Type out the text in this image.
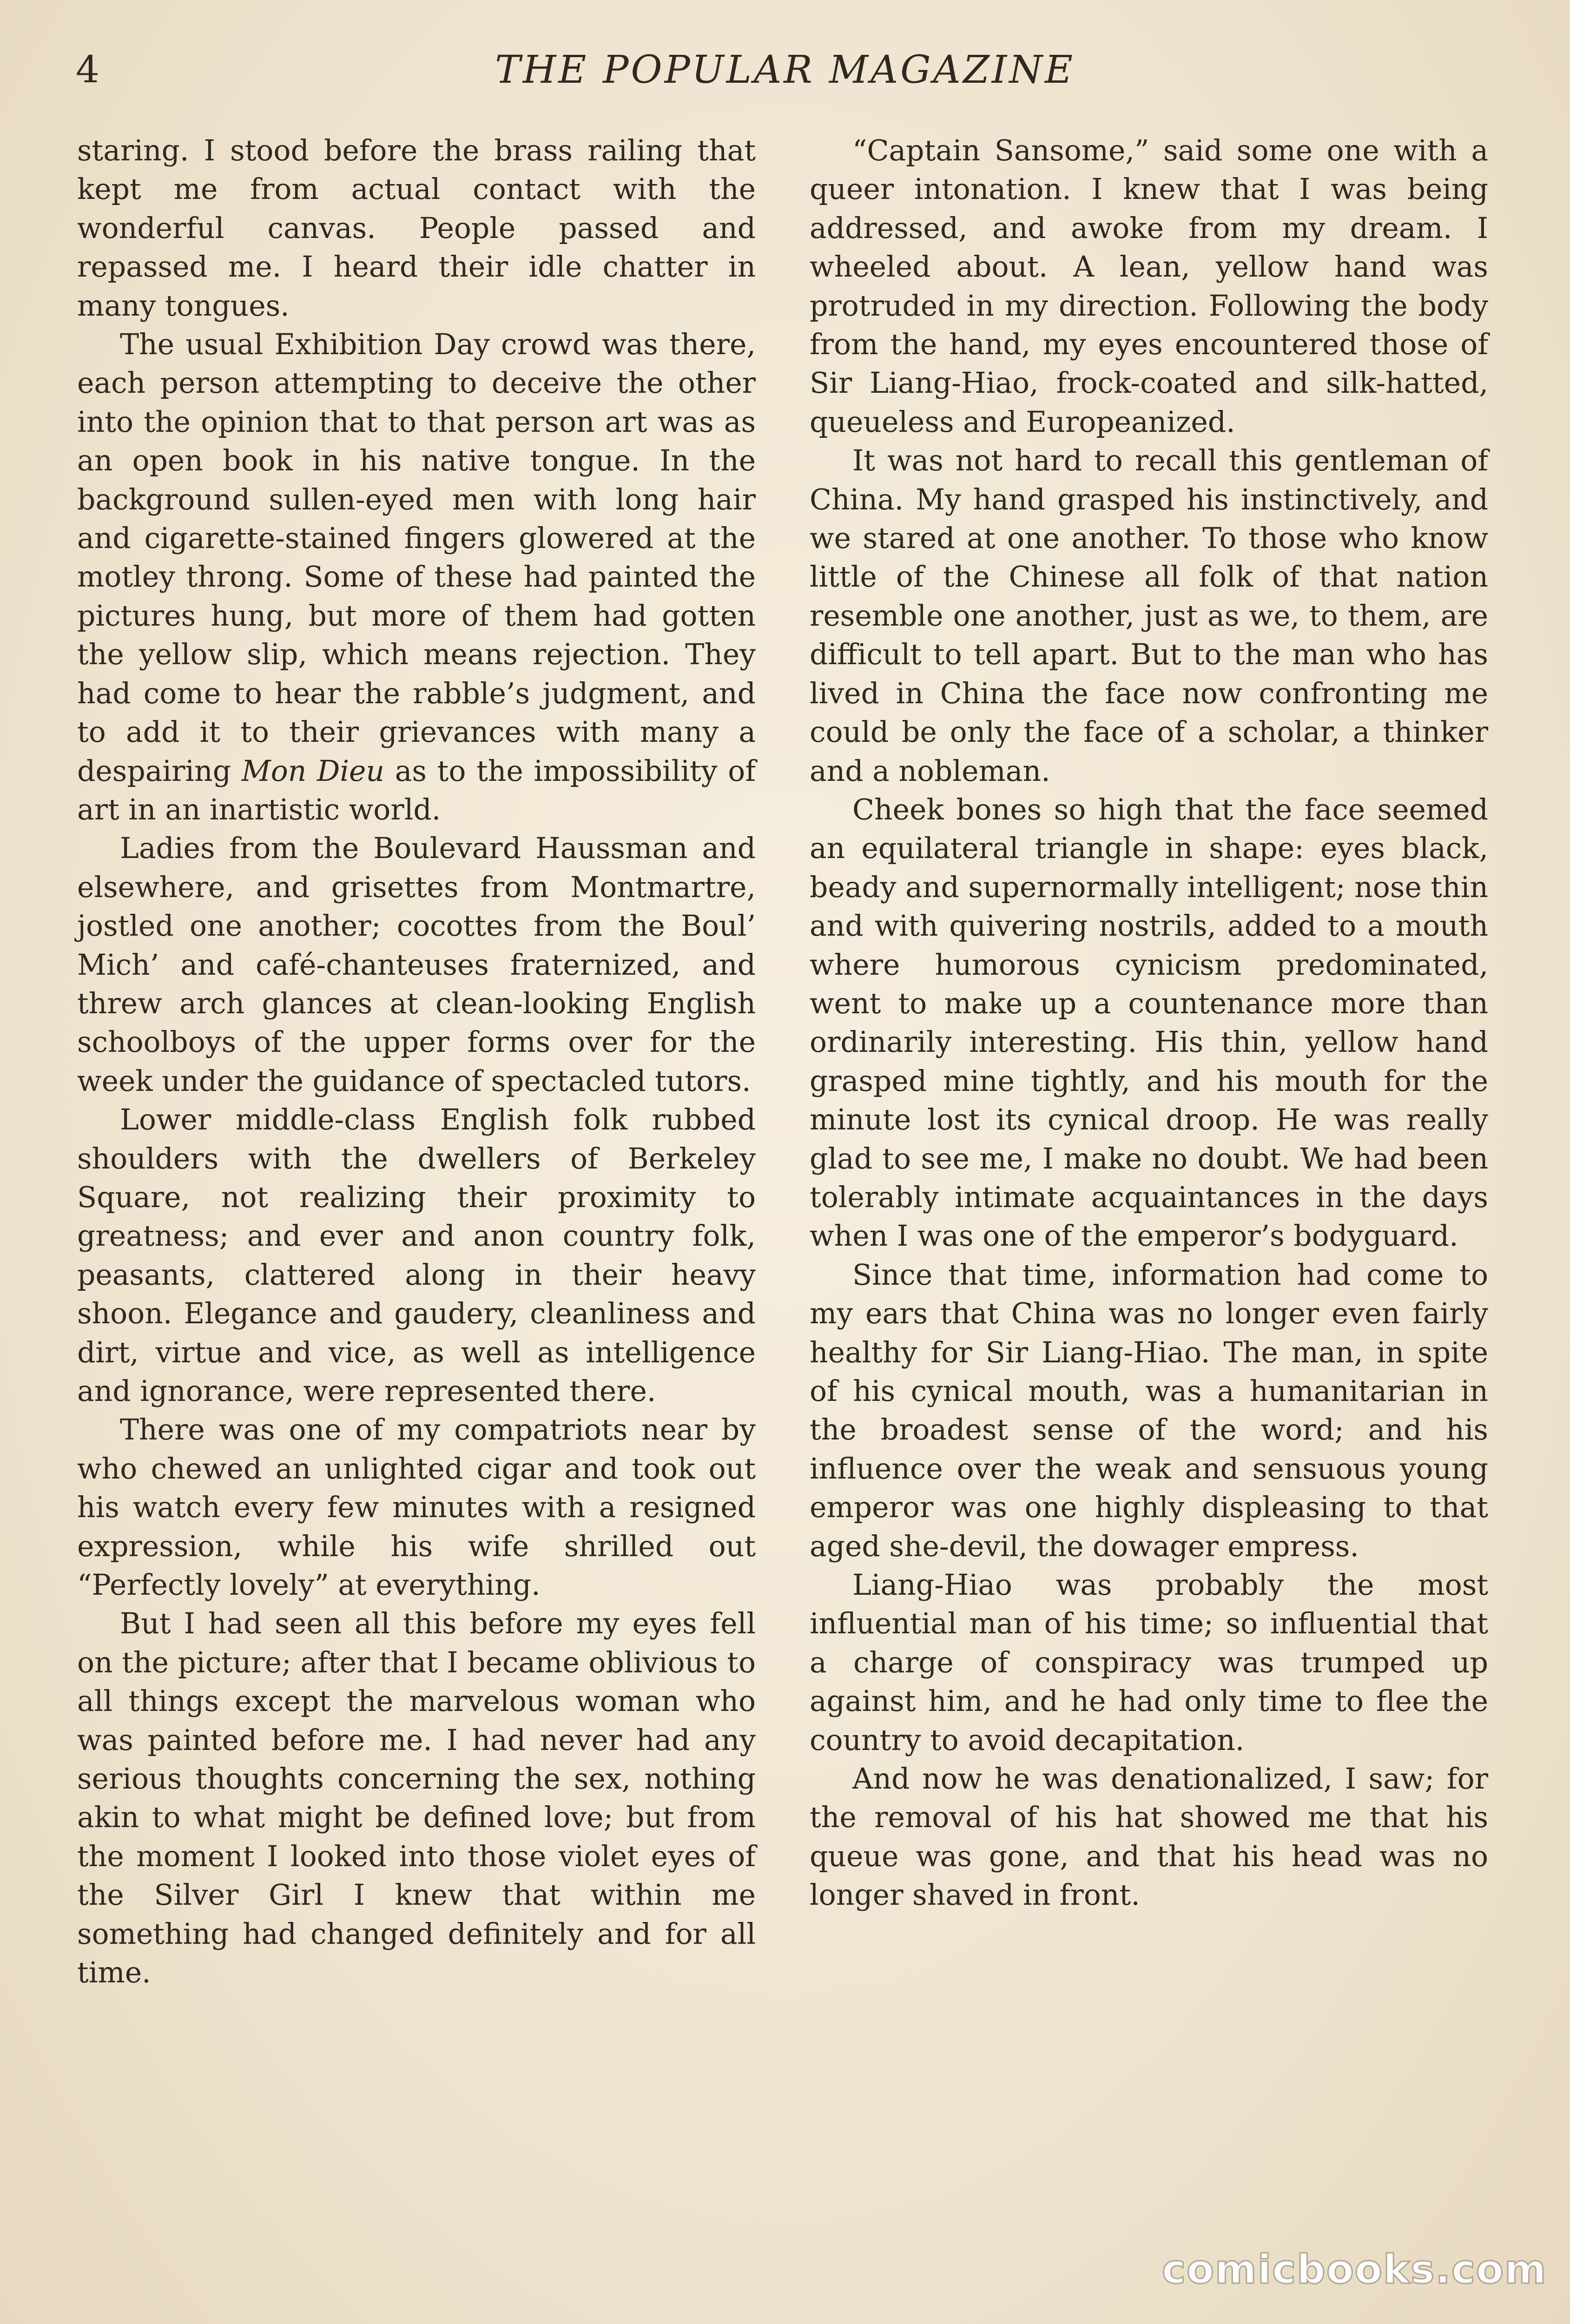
4	THE POPULAR MAGAZINE

staring. I stood before the brass railing that kept me from actual contact with the wonderful canvas. People passed and repassed me. I heard their idle chatter in many tongues.

The usual Exhibition Day crowd was there, each person attempting to deceive the other into the opinion that to that person art was as an open book in his native tongue. In the background sullen-eyed men with long hair and cigarette-stained fingers glowered at the motley throng. Some of these had painted the pictures hung, but more of them had gotten the yellow slip, which means rejection. They had come to hear the rabble’s judgment, and to add it to their grievances with many a despairing Mon Dieu as to the impossibility of art in an inartistic world.

Ladies from the Boulevard Haussman and elsewhere, and grisettes from Montmartre, jostled one another; cocottes from the Boul’ Mich’ and café-chanteuses fraternized, and threw arch glances at clean-looking English schoolboys of the upper forms over for the week under the guidance of spectacled tutors.

Lower middle-class English folk rubbed shoulders with the dwellers of Berkeley Square, not realizing their proximity to greatness; and ever and anon country folk, peasants, clattered along in their heavy shoon. Elegance and gaudery, cleanliness and dirt, virtue and vice, as well as intelligence and ignorance, were represented there.

There was one of my compatriots near by who chewed an unlighted cigar and took out his watch every few minutes with a resigned expression, while his wife shrilled out “Perfectly lovely” at everything.

But I had seen all this before my eyes fell on the picture; after that I became oblivious to all things except the marvelous woman who was painted before me. I had never had any serious thoughts concerning the sex, nothing akin to what might be defined love; but from the moment I looked into those violet eyes of the Silver Girl I knew that within me something had changed definitely and for all time.

“Captain Sansome,” said some one with a queer intonation. I knew that I was being addressed, and awoke from my dream. I wheeled about. A lean, yellow hand was protruded in my direction. Following the body from the hand, my eyes encountered those of Sir Liang-Hiao, frock-coated and silk-hatted, queueless and Europeanized.

It was not hard to recall this gentleman of China. My hand grasped his instinctively, and we stared at one another. To those who know little of the Chinese all folk of that nation resemble one another, just as we, to them, are difficult to tell apart. But to the man who has lived in China the face now confronting me could be only the face of a scholar, a thinker and a nobleman.

Cheek bones so high that the face seemed an equilateral triangle in shape: eyes black, beady and supernormally intelligent; nose thin and with quivering nostrils, added to a mouth where humorous cynicism predominated, went to make up a countenance more than ordinarily interesting. His thin, yellow hand grasped mine tightly, and his mouth for the minute lost its cynical droop. He was really glad to see me, I make no doubt. We had been tolerably intimate acquaintances in the days when I was one of the emperor’s bodyguard.

Since that time, information had come to my ears that China was no longer even fairly healthy for Sir Liang-Hiao. The man, in spite of his cynical mouth, was a humanitarian in the broadest sense of the word; and his influence over the weak and sensuous young emperor was one highly displeasing to that aged she-devil, the dowager empress.

Liang-Hiao was probably the most influential man of his time; so influential that a charge of conspiracy was trumped up against him, and he had only time to flee the country to avoid decapitation.

And now he was denationalized, I saw; for the removal of his hat showed me that his queue was gone, and that his head was no longer shaved in front.

comicbooks.com
